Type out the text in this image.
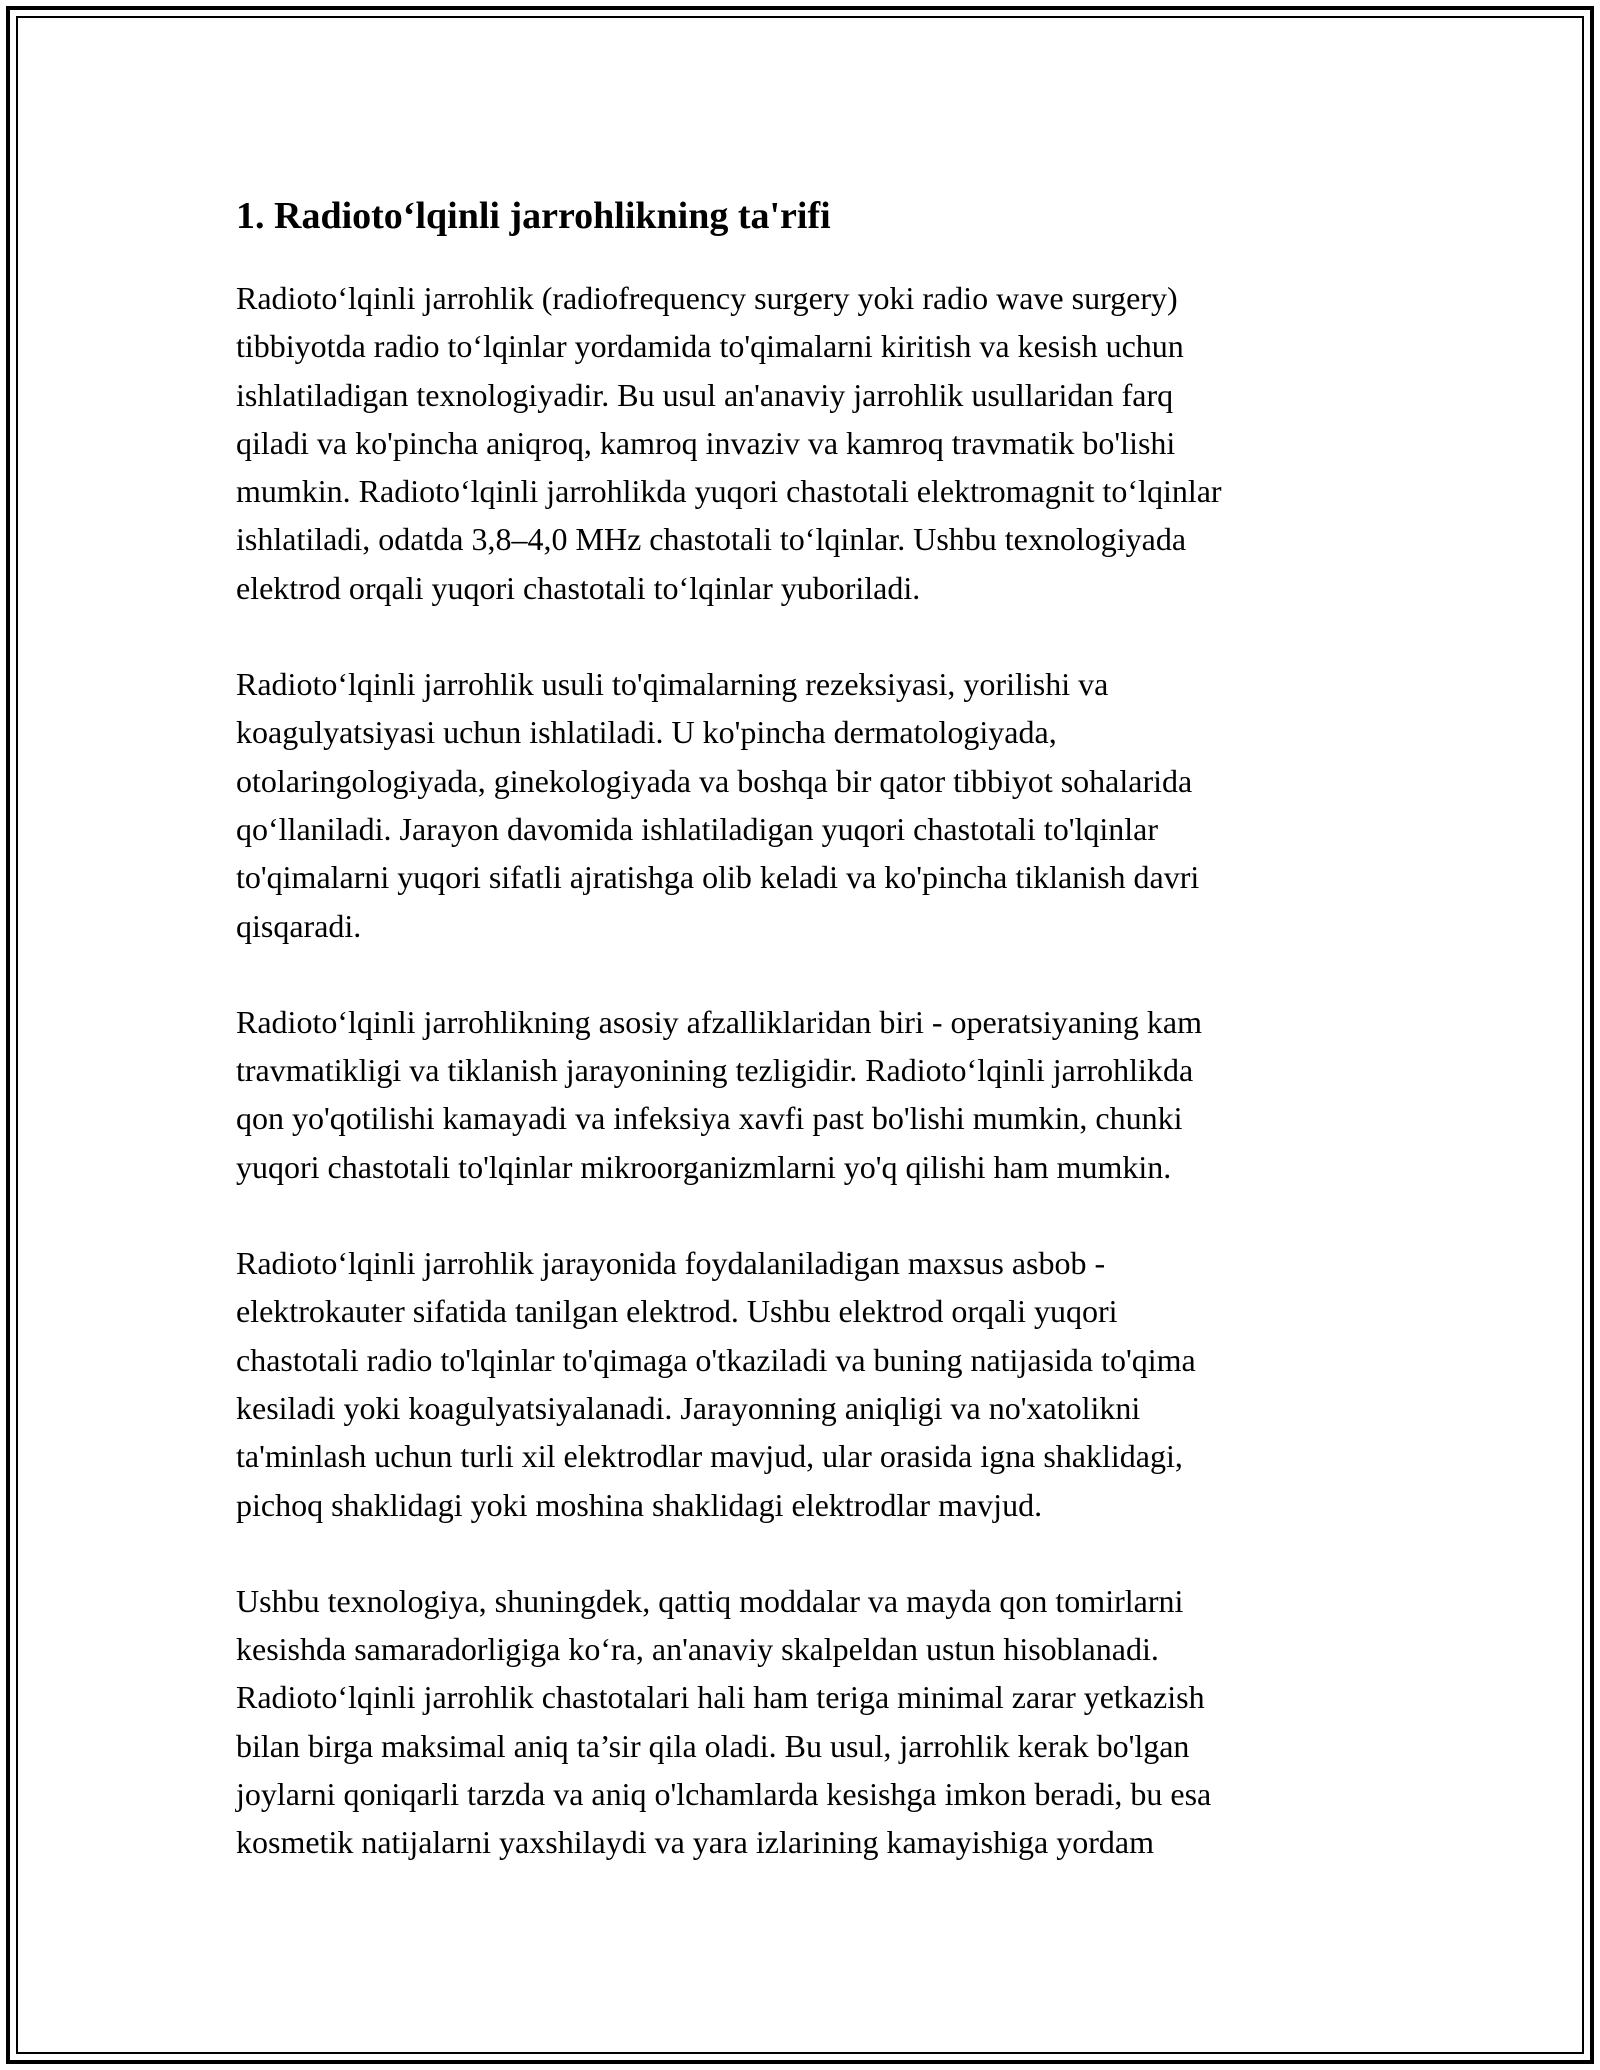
1. Radioto‘lqinli jarrohlikning ta'rifi

Radioto‘lqinli jarrohlik (radiofrequency surgery yoki radio wave surgery)
tibbiyotda radio to‘lqinlar yordamida to'qimalarni kiritish va kesish uchun
ishlatiladigan texnologiyadir. Bu usul an'anaviy jarrohlik usullaridan farq
qiladi va ko'pincha aniqroq, kamroq invaziv va kamroq travmatik bo'lishi
mumkin. Radioto‘lqinli jarrohlikda yuqori chastotali elektromagnit to‘lqinlar
ishlatiladi, odatda 3,8–4,0 MHz chastotali to‘lqinlar. Ushbu texnologiyada
elektrod orqali yuqori chastotali to‘lqinlar yuboriladi.

Radioto‘lqinli jarrohlik usuli to'qimalarning rezeksiyasi, yorilishi va
koagulyatsiyasi uchun ishlatiladi. U ko'pincha dermatologiyada,
otolaringologiyada, ginekologiyada va boshqa bir qator tibbiyot sohalarida
qo‘llaniladi. Jarayon davomida ishlatiladigan yuqori chastotali to'lqinlar
to'qimalarni yuqori sifatli ajratishga olib keladi va ko'pincha tiklanish davri
qisqaradi.

Radioto‘lqinli jarrohlikning asosiy afzalliklaridan biri - operatsiyaning kam
travmatikligi va tiklanish jarayonining tezligidir. Radioto‘lqinli jarrohlikda
qon yo'qotilishi kamayadi va infeksiya xavfi past bo'lishi mumkin, chunki
yuqori chastotali to'lqinlar mikroorganizmlarni yo'q qilishi ham mumkin.

Radioto‘lqinli jarrohlik jarayonida foydalaniladigan maxsus asbob -
elektrokauter sifatida tanilgan elektrod. Ushbu elektrod orqali yuqori
chastotali radio to'lqinlar to'qimaga o'tkaziladi va buning natijasida to'qima
kesiladi yoki koagulyatsiyalanadi. Jarayonning aniqligi va no'xatolikni
ta'minlash uchun turli xil elektrodlar mavjud, ular orasida igna shaklidagi,
pichoq shaklidagi yoki moshina shaklidagi elektrodlar mavjud.

Ushbu texnologiya, shuningdek, qattiq moddalar va mayda qon tomirlarni
kesishda samaradorligiga ko‘ra, an'anaviy skalpeldan ustun hisoblanadi.
Radioto‘lqinli jarrohlik chastotalari hali ham teriga minimal zarar yetkazish
bilan birga maksimal aniq ta’sir qila oladi. Bu usul, jarrohlik kerak bo'lgan
joylarni qoniqarli tarzda va aniq o'lchamlarda kesishga imkon beradi, bu esa
kosmetik natijalarni yaxshilaydi va yara izlarining kamayishiga yordam
